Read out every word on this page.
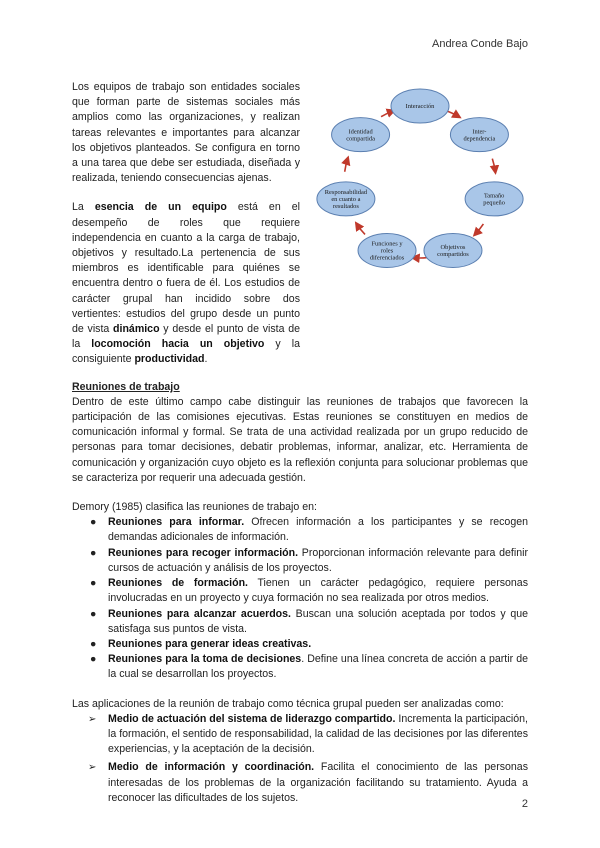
Andrea Conde Bajo

Los equipos de trabajo son entidades sociales que forman parte de sistemas sociales más amplios como las organizaciones, y realizan tareas relevantes e importantes para alcanzar los objetivos planteados. Se configura en torno a una tarea que debe ser estudiada, diseñada y realizada, teniendo consecuencias ajenas.

Interacción
Inter-dependencia
Tamaño pequeño
Objetivos compartidos
Funciones y roles diferenciados
Responsabilidad en cuanto a resultados
Identidad compartida

La esencia de un equipo está en el desempeño de roles que requiere independencia en cuanto a la carga de trabajo, objetivos y resultado.La pertenencia de sus miembros es identificable para quiénes se encuentra dentro o fuera de él. Los estudios de carácter grupal han incidido sobre dos vertientes: estudios del grupo desde un punto de vista dinámico y desde el punto de vista de la locomoción hacia un objetivo y la consiguiente productividad.

Reuniones de trabajo

Dentro de este último campo cabe distinguir las reuniones de trabajos que favorecen la participación de las comisiones ejecutivas. Estas reuniones se constituyen en medios de comunicación informal y formal. Se trata de una actividad realizada por un grupo reducido de personas para tomar decisiones, debatir problemas, informar, analizar, etc. Herramienta de comunicación y organización cuyo objeto es la reflexión conjunta para solucionar problemas que se caracteriza por requerir una adecuada gestión.

Demory (1985) clasifica las reuniones de trabajo en:

● Reuniones para informar. Ofrecen información a los participantes y se recogen demandas adicionales de información.
● Reuniones para recoger información. Proporcionan información relevante para definir cursos de actuación y análisis de los proyectos.
● Reuniones de formación. Tienen un carácter pedagógico, requiere personas involucradas en un proyecto y cuya formación no sea realizada por otros medios.
● Reuniones para alcanzar acuerdos. Buscan una solución aceptada por todos y que satisfaga sus puntos de vista.
● Reuniones para generar ideas creativas.
● Reuniones para la toma de decisiones. Define una línea concreta de acción a partir de la cual se desarrollan los proyectos.

Las aplicaciones de la reunión de trabajo como técnica grupal pueden ser analizadas como:

➢ Medio de actuación del sistema de liderazgo compartido. Incrementa la participación, la formación, el sentido de responsabilidad, la calidad de las decisiones por las diferentes experiencias, y la aceptación de la decisión.
➢ Medio de información y coordinación. Facilita el conocimiento de las personas interesadas de los problemas de la organización facilitando su tratamiento. Ayuda a reconocer las dificultades de los sujetos.
2
